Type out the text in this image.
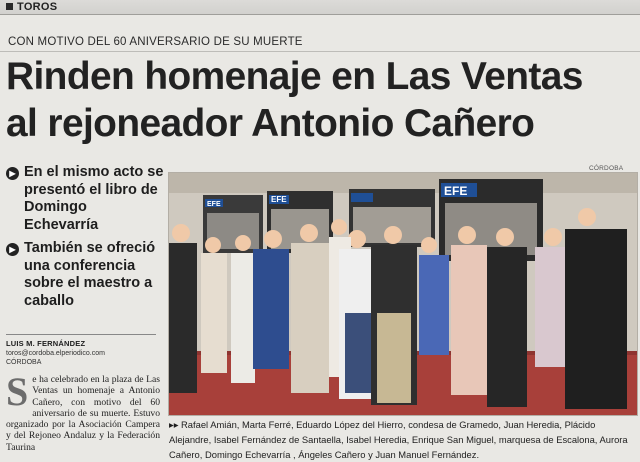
TOROS
CON MOTIVO DEL 60 ANIVERSARIO DE SU MUERTE
Rinden homenaje en Las Ventas
al rejoneador Antonio Cañero
▶ En el mismo acto se presentó el libro de Domingo Echevarría
▶ También se ofreció una conferencia sobre el maestro a caballo
LUIS M. FERNÁNDEZ
toros@cordoba.elperiodico.com
CÓRDOBA
Se ha celebrado en la plaza de Las Ventas un homenaje a Antonio Cañero, con motivo del 60 aniversario de su muerte. Estuvo organizado por la Asociación Campera y del Rejoneo Andaluz y la Federación Taurina
CÓRDOBA
EFE
EFE
EFE
▸▸ Rafael Amián, Marta Ferré, Eduardo López del Hierro, condesa de Gramedo, Juan Heredia, Plácido Alejandre, Isabel Fernández de Santaella, Isabel Heredia, Enrique San Miguel, marquesa de Escalona, Aurora Cañero, Domingo Echevarría , Ángeles Cañero y Juan Manuel Fernández.
